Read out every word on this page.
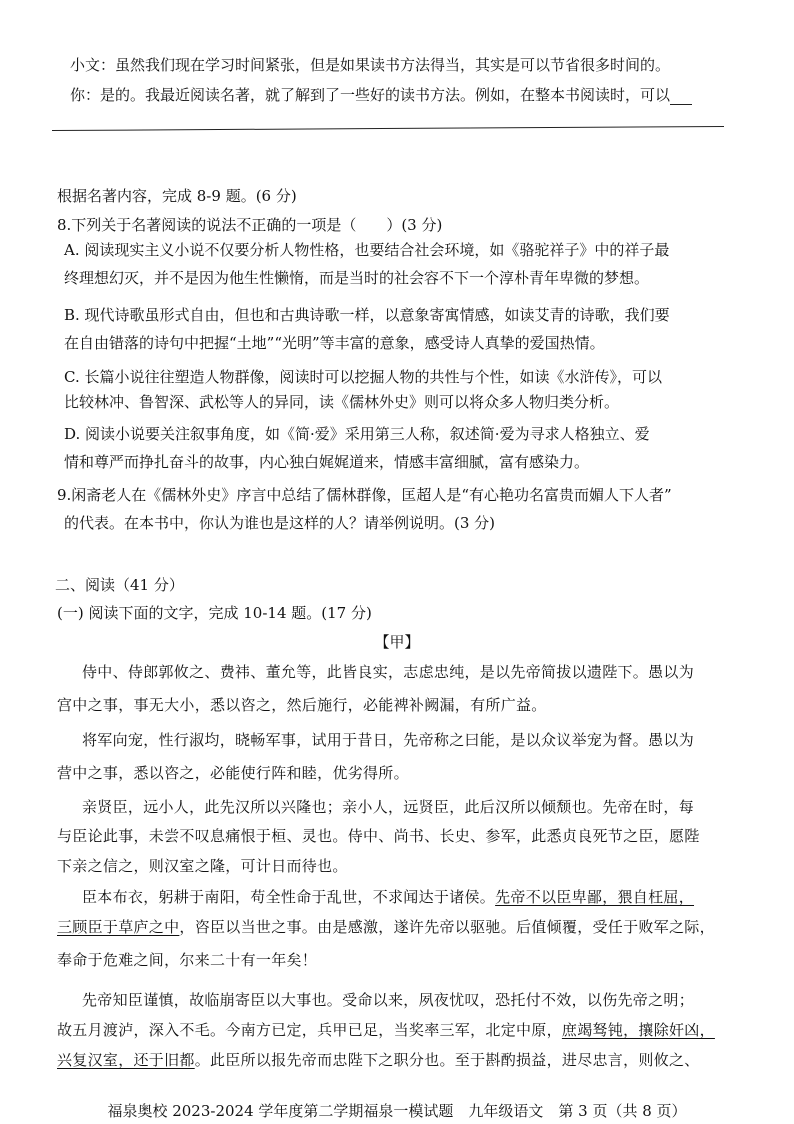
小文：虽然我们现在学习时间紧张，但是如果读书方法得当，其实是可以节省很多时间的。
你：是的。我最近阅读名著，就了解到了一些好的读书方法。例如，在整本书阅读时，可以
根据名著内容，完成 8-9 题。(6 分)
8.下列关于名著阅读的说法不正确的一项是（　　）(3 分)
A. 阅读现实主义小说不仅要分析人物性格，也要结合社会环境，如《骆驼祥子》中的祥子最
终理想幻灭，并不是因为他生性懒惰，而是当时的社会容不下一个淳朴青年卑微的梦想。
B. 现代诗歌虽形式自由，但也和古典诗歌一样，以意象寄寓情感，如读艾青的诗歌，我们要
在自由错落的诗句中把握“土地”“光明”等丰富的意象，感受诗人真挚的爱国热情。
C. 长篇小说往往塑造人物群像，阅读时可以挖掘人物的共性与个性，如读《水浒传》，可以
比较林冲、鲁智深、武松等人的异同，读《儒林外史》则可以将众多人物归类分析。
D. 阅读小说要关注叙事角度，如《简·爱》采用第三人称，叙述简·爱为寻求人格独立、爱
情和尊严而挣扎奋斗的故事，内心独白娓娓道来，情感丰富细腻，富有感染力。
9.闲斋老人在《儒林外史》序言中总结了儒林群像，匡超人是“有心艳功名富贵而媚人下人者”
的代表。在本书中，你认为谁也是这样的人？请举例说明。(3 分)
二、阅读（41 分）
(一) 阅读下面的文字，完成 10-14 题。(17 分)
【甲】
侍中、侍郎郭攸之、费祎、董允等，此皆良实，志虑忠纯，是以先帝简拔以遗陛下。愚以为
宫中之事，事无大小，悉以咨之，然后施行，必能裨补阙漏，有所广益。
将军向宠，性行淑均，晓畅军事，试用于昔日，先帝称之曰能，是以众议举宠为督。愚以为
营中之事，悉以咨之，必能使行阵和睦，优劣得所。
亲贤臣，远小人，此先汉所以兴隆也；亲小人，远贤臣，此后汉所以倾颓也。先帝在时，每
与臣论此事，未尝不叹息痛恨于桓、灵也。侍中、尚书、长史、参军，此悉贞良死节之臣，愿陛
下亲之信之，则汉室之隆，可计日而待也。
臣本布衣，躬耕于南阳，苟全性命于乱世，不求闻达于诸侯。先帝不以臣卑鄙，猥自枉屈，
三顾臣于草庐之中，咨臣以当世之事。由是感激，遂许先帝以驱驰。后值倾覆，受任于败军之际，
奉命于危难之间，尔来二十有一年矣！
先帝知臣谨慎，故临崩寄臣以大事也。受命以来，夙夜忧叹，恐托付不效，以伤先帝之明；
故五月渡泸，深入不毛。今南方已定，兵甲已足，当奖率三军，北定中原，庶竭驽钝，攘除奸凶，
兴复汉室，还于旧都。此臣所以报先帝而忠陛下之职分也。至于斟酌损益，进尽忠言，则攸之、
福泉奥校 2023-2024 学年度第二学期福泉一模试题　九年级语文　第 3 页（共 8 页）
